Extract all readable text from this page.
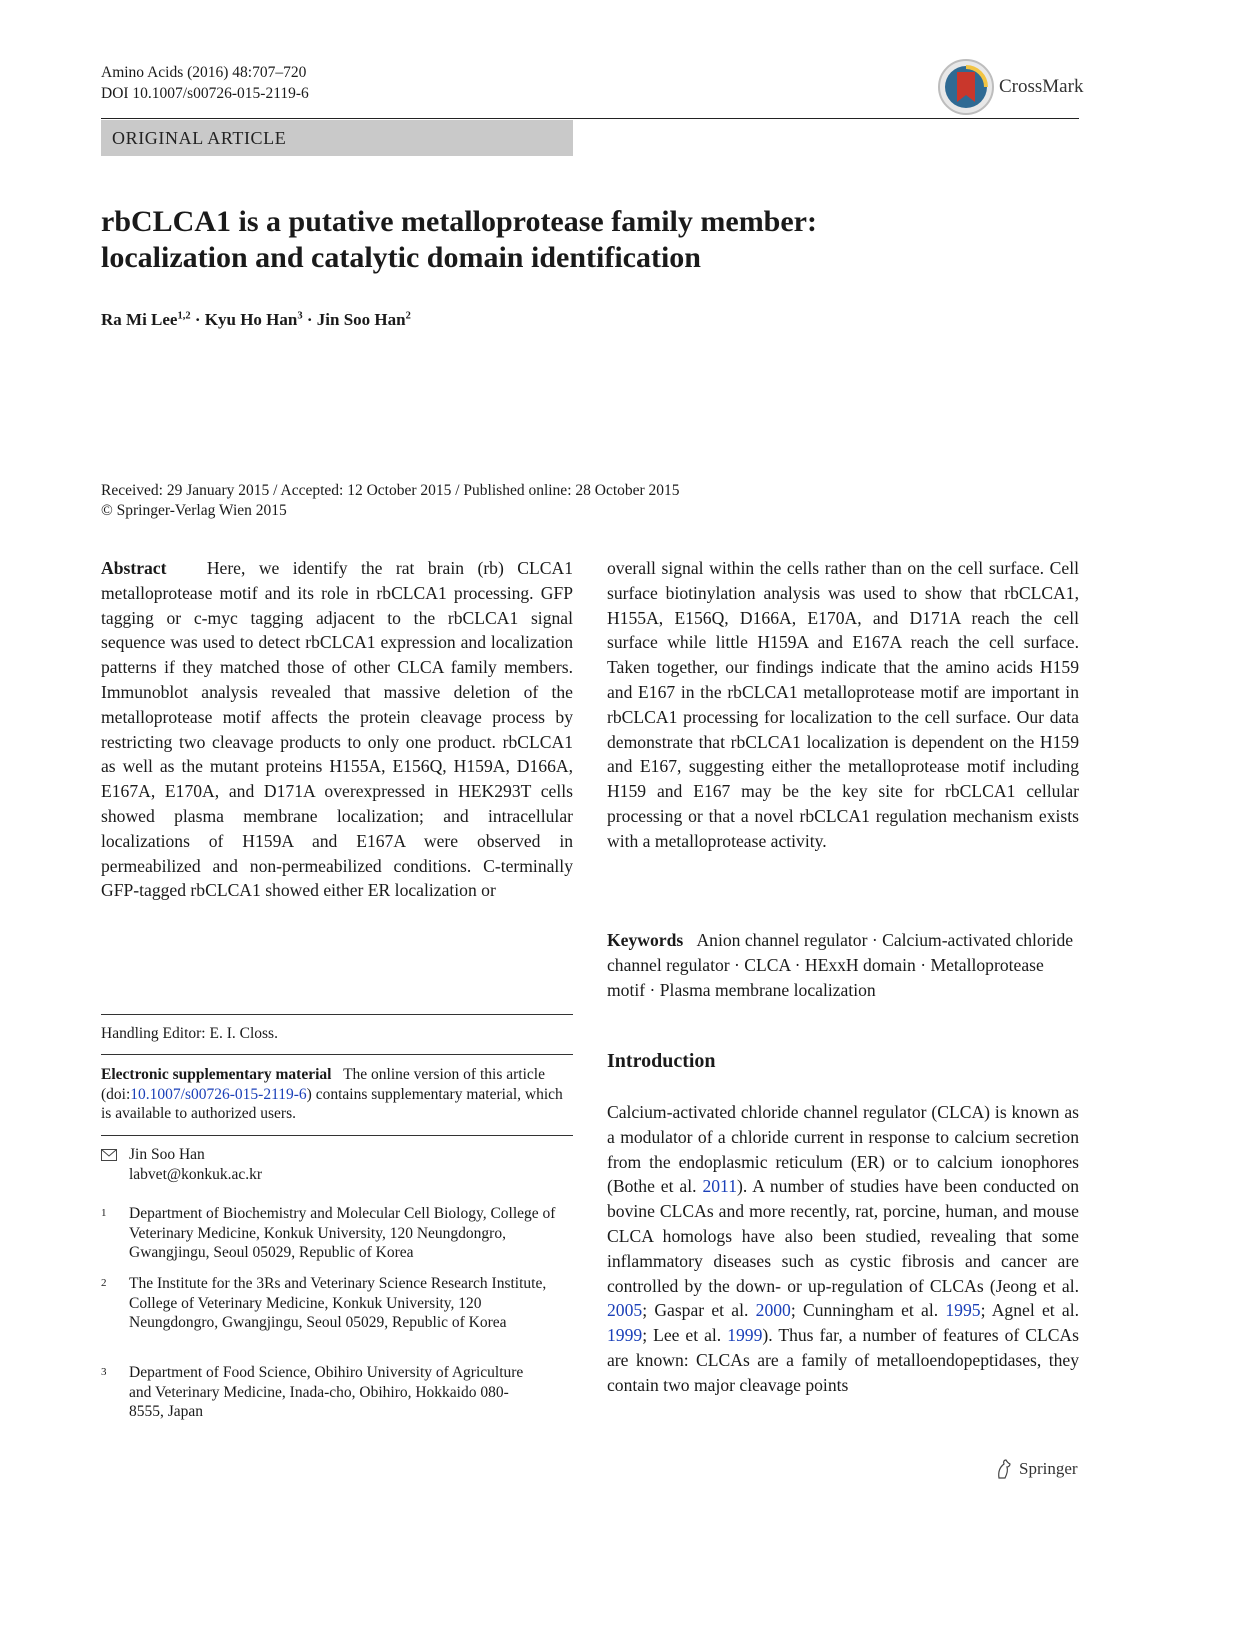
Amino Acids (2016) 48:707–720
DOI 10.1007/s00726-015-2119-6	CrossMark
ORIGINAL ARTICLE
rbCLCA1 is a putative metalloprotease family member:
localization and catalytic domain identification
Ra Mi Lee$^{1,2}$ · Kyu Ho Han$^3$ · Jin Soo Han$^2$
Received: 29 January 2015 / Accepted: 12 October 2015 / Published online: 28 October 2015
© Springer-Verlag Wien 2015
Abstract Here, we identify the rat brain (rb) CLCA1 metalloprotease motif and its role in rbCLCA1 processing. GFP tagging or c-myc tagging adjacent to the rbCLCA1 signal sequence was used to detect rbCLCA1 expression and localization patterns if they matched those of other CLCA family members. Immunoblot analysis revealed that massive deletion of the metalloprotease motif affects the protein cleavage process by restricting two cleavage products to only one product. rbCLCA1 as well as the mutant proteins H155A, E156Q, H159A, D166A, E167A, E170A, and D171A overexpressed in HEK293T cells showed plasma membrane localization; and intracellular localizations of H159A and E167A were observed in permeabilized and non-permeabilized conditions. C-terminally GFP-tagged rbCLCA1 showed either ER localization or
overall signal within the cells rather than on the cell surface. Cell surface biotinylation analysis was used to show that rbCLCA1, H155A, E156Q, D166A, E170A, and D171A reach the cell surface while little H159A and E167A reach the cell surface. Taken together, our findings indicate that the amino acids H159 and E167 in the rbCLCA1 metalloprotease motif are important in rbCLCA1 processing for localization to the cell surface. Our data demonstrate that rbCLCA1 localization is dependent on the H159 and E167, suggesting either the metalloprotease motif including H159 and E167 may be the key site for rbCLCA1 cellular processing or that a novel rbCLCA1 regulation mechanism exists with a metalloprotease activity.
Keywords Anion channel regulator · Calcium-activated chloride channel regulator · CLCA · HExxH domain · Metalloprotease motif · Plasma membrane localization
Handling Editor: E. I. Closs.
Electronic supplementary material The online version of this article (doi:10.1007/s00726-015-2119-6) contains supplementary material, which is available to authorized users.
Jin Soo Han
labvet@konkuk.ac.kr
1	Department of Biochemistry and Molecular Cell Biology, College of Veterinary Medicine, Konkuk University, 120 Neungdongro, Gwangjingu, Seoul 05029, Republic of Korea
2	The Institute for the 3Rs and Veterinary Science Research Institute, College of Veterinary Medicine, Konkuk University, 120 Neungdongro, Gwangjingu, Seoul 05029, Republic of Korea
3	Department of Food Science, Obihiro University of Agriculture and Veterinary Medicine, Inada-cho, Obihiro, Hokkaido 080-8555, Japan
Introduction
Calcium-activated chloride channel regulator (CLCA) is known as a modulator of a chloride current in response to calcium secretion from the endoplasmic reticulum (ER) or to calcium ionophores (Bothe et al. 2011). A number of studies have been conducted on bovine CLCAs and more recently, rat, porcine, human, and mouse CLCA homologs have also been studied, revealing that some inflammatory diseases such as cystic fibrosis and cancer are controlled by the down- or up-regulation of CLCAs (Jeong et al. 2005; Gaspar et al. 2000; Cunningham et al. 1995; Agnel et al. 1999; Lee et al. 1999). Thus far, a number of features of CLCAs are known: CLCAs are a family of metalloendopeptidases, they contain two major cleavage points
Springer
